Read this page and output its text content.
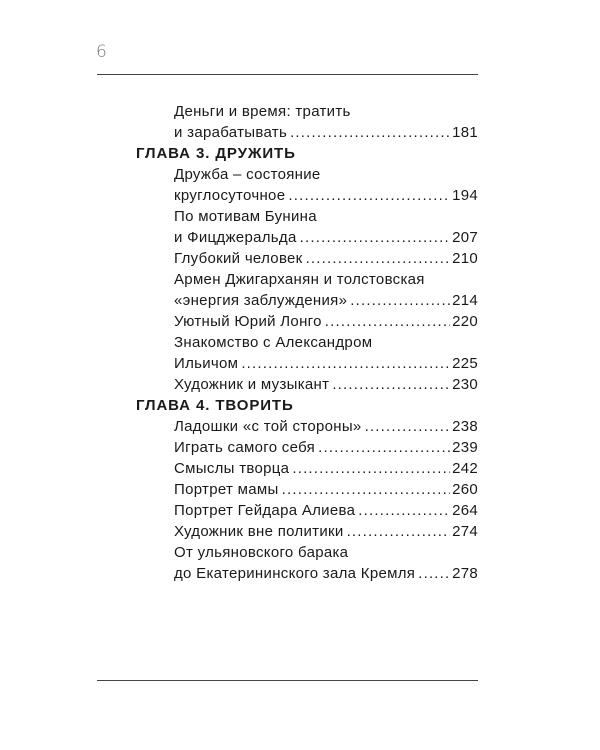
6
Деньги и время: тратить
и зарабатывать .....	181
ГЛАВА 3. ДРУЖИТЬ
Дружба – состояние
круглосуточное .....	194
По мотивам Бунина
и Фицджеральда .....	207
Глубокий человек .....	210
Армен Джигарханян и толстовская
«энергия заблуждения» .....	214
Уютный Юрий Лонго .....	220
Знакомство с Александром
Ильичом .....	225
Художник и музыкант .....	230
ГЛАВА 4. ТВОРИТЬ
Ладошки «с той стороны» .....	238
Играть самого себя .....	239
Смыслы творца .....	242
Портрет мамы .....	260
Портрет Гейдара Алиева .....	264
Художник вне политики .....	274
От ульяновского барака
до Екатерининского зала Кремля ..... 278
